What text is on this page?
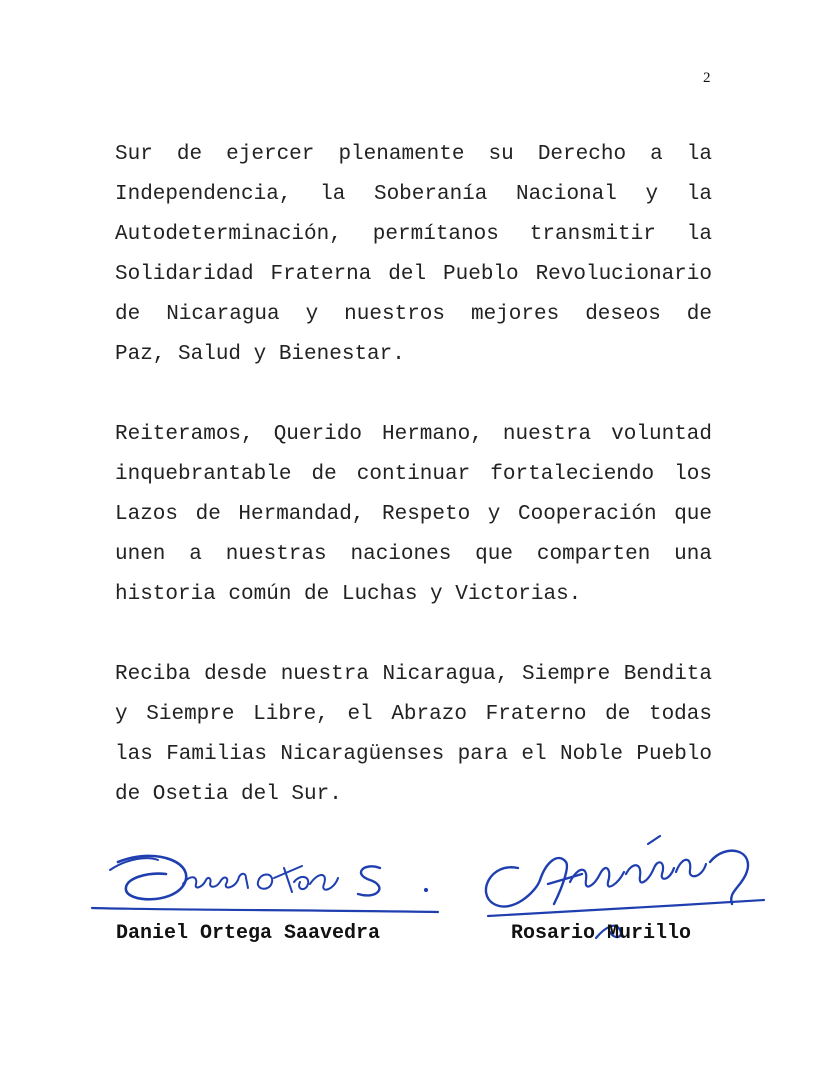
2
Sur de ejercer plenamente su Derecho a la
Independencia, la Soberanía Nacional y la
Autodeterminación, permítanos transmitir la
Solidaridad Fraterna del Pueblo Revolucionario
de Nicaragua y nuestros mejores deseos de
Paz, Salud y Bienestar.
Reiteramos, Querido Hermano, nuestra voluntad
inquebrantable de continuar fortaleciendo los
Lazos de Hermandad, Respeto y Cooperación que
unen a nuestras naciones que comparten una
historia común de Luchas y Victorias.
Reciba desde nuestra Nicaragua, Siempre Bendita
y Siempre Libre, el Abrazo Fraterno de todas
las Familias Nicaragüenses para el Noble Pueblo
de Osetia del Sur.
Daniel Ortega Saavedra	Rosario Murillo
